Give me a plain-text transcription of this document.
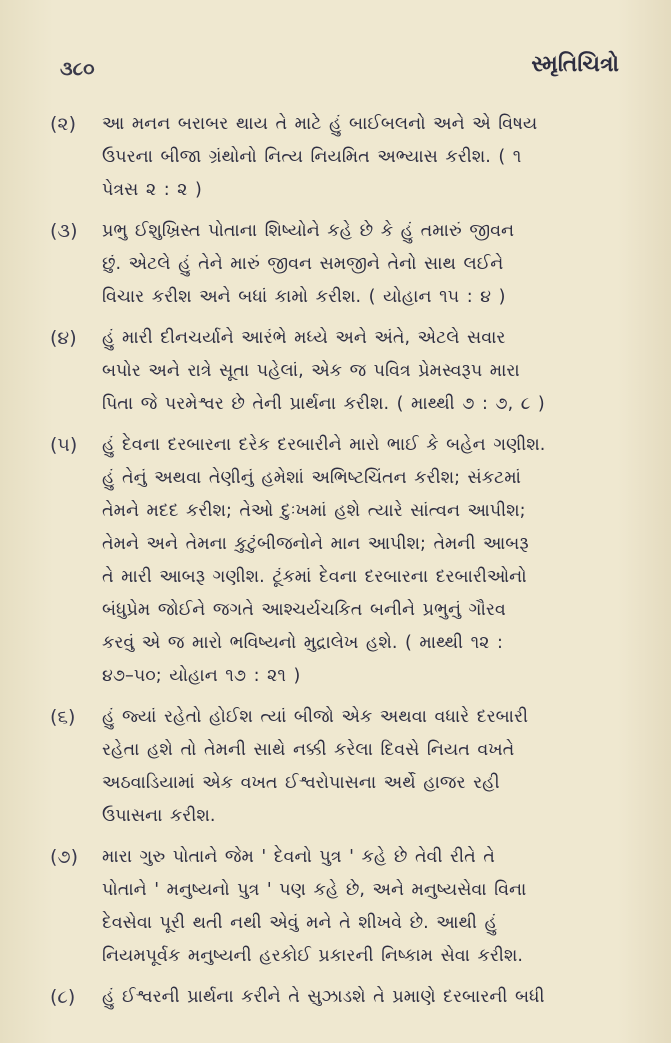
૩૮૦	સ્મૃતિચિત્રો
(૨)	આ મનન બરાબર થાય તે માટે હું બાઈબલનો અને એ વિષય
ઉપરના બીજા ગ્રંથોનો નિત્ય નિયમિત અભ્યાસ કરીશ. ( ૧
પેત્રસ ૨ : ૨ )
(૩)	પ્રભુ ઈશુખ્રિસ્ત પોતાના શિષ્યોને કહે છે કે હું તમારું જીવન
છું. એટલે હું તેને મારું જીવન સમજીને તેનો સાથ લઈને
વિચાર કરીશ અને બધાં કામો કરીશ. ( યોહાન ૧૫ : ૪ )
(૪)	હું મારી દીનચર્યાને આરંભે મધ્યે અને અંતે, એટલે સવાર
બપોર અને રાત્રે સૂતા પહેલાં, એક જ પવિત્ર પ્રેમસ્વરૂપ મારા
પિતા જે પરમેશ્વર છે તેની પ્રાર્થના કરીશ. ( માથ્થી ૭ : ૭, ૮ )
(૫)	હું દેવના દરબારના દરેક દરબારીને મારો ભાઈ કે બહેન ગણીશ.
હું તેનું અથવા તેણીનું હમેશાં અભિષ્ટચિંતન કરીશ; સંકટમાં
તેમને મદદ કરીશ; તેઓ દુઃખમાં હશે ત્યારે સાંત્વન આપીશ;
તેમને અને તેમના કુટુંબીજનોને માન આપીશ; તેમની આબરૂ
તે મારી આબરૂ ગણીશ. ટૂંકમાં દેવના દરબારના દરબારીઓનો
બંધુપ્રેમ જોઈને જગતે આશ્ચર્યચકિત બનીને પ્રભુનું ગૌરવ
કરવું એ જ મારો ભવિષ્યનો મુદ્રાલેખ હશે. ( માથ્થી ૧૨ :
૪૭–૫૦; યોહાન ૧૭ : ૨૧ )
(૬)	હું જ્યાં રહેતો હોઈશ ત્યાં બીજો એક અથવા વધારે દરબારી
રહેતા હશે તો તેમની સાથે નક્કી કરેલા દિવસે નિયત વખતે
અઠવાડિયામાં એક વખત ઈશ્વરોપાસના અર્થે હાજર રહી
ઉપાસના કરીશ.
(૭)	મારા ગુરુ પોતાને જેમ ' દેવનો પુત્ર ' કહે છે તેવી રીતે તે
પોતાને ' મનુષ્યનો પુત્ર ' પણ કહે છે, અને મનુષ્યસેવા વિના
દેવસેવા પૂરી થતી નથી એવું મને તે શીખવે છે. આથી હું
નિયમપૂર્વક મનુષ્યની હરકોઈ પ્રકારની નિષ્કામ સેવા કરીશ.
(૮)	હું ઈશ્વરની પ્રાર્થના કરીને તે સુઝાડશે તે પ્રમાણે દરબારની બધી
